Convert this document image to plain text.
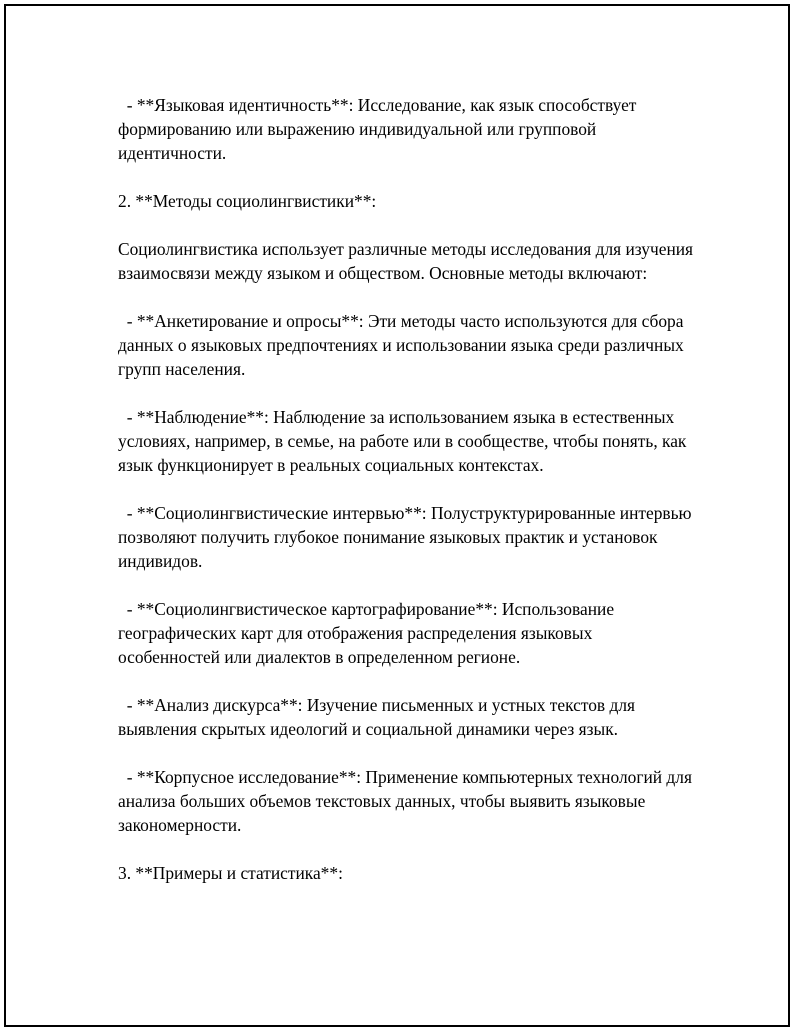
- **Языковая идентичность**: Исследование, как язык способствует формированию или выражению индивидуальной или групповой идентичности.
2. **Методы социолингвистики**:
Социолингвистика использует различные методы исследования для изучения взаимосвязи между языком и обществом. Основные методы включают:
- **Анкетирование и опросы**: Эти методы часто используются для сбора данных о языковых предпочтениях и использовании языка среди различных групп населения.
- **Наблюдение**: Наблюдение за использованием языка в естественных условиях, например, в семье, на работе или в сообществе, чтобы понять, как язык функционирует в реальных социальных контекстах.
- **Социолингвистические интервью**: Полуструктурированные интервью позволяют получить глубокое понимание языковых практик и установок индивидов.
- **Социолингвистическое картографирование**: Использование географических карт для отображения распределения языковых особенностей или диалектов в определенном регионе.
- **Анализ дискурса**: Изучение письменных и устных текстов для выявления скрытых идеологий и социальной динамики через язык.
- **Корпусное исследование**: Применение компьютерных технологий для анализа больших объемов текстовых данных, чтобы выявить языковые закономерности.
3. **Примеры и статистика**:
